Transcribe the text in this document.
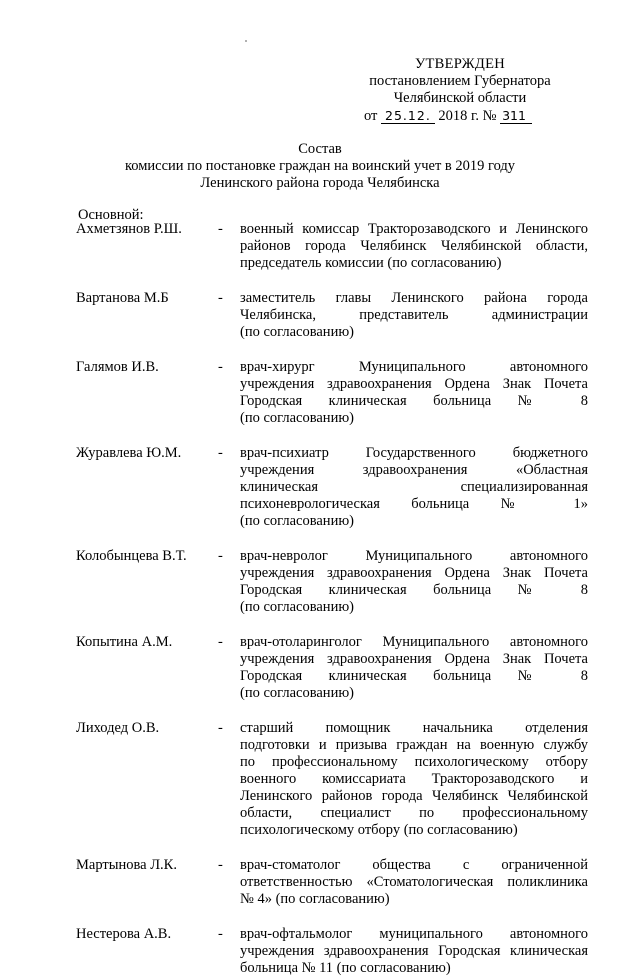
УТВЕРЖДЕН
постановлением Губернатора
Челябинской области
от 25.12. 2018 г. № 311
Состав
комиссии по постановке граждан на воинский учет в 2019 году
Ленинского района города Челябинска
Основной:
Ахметзянов Р.Ш. - военный комиссар Тракторозаводского и Ленинского
районов города Челябинск Челябинской области,
председатель комиссии (по согласованию)
Вартанова М.Б	- заместитель главы Ленинского района города
Челябинска, представитель администрации
(по согласованию)
Галямов И.В.	- врач-хирург Муниципального автономного
учреждения здравоохранения Ордена Знак Почета
Городская клиническая больница № 8
(по согласованию)
Журавлева Ю.М.	- врач-психиатр Государственного бюджетного
учреждения здравоохранения «Областная
клиническая специализированная
психоневрологическая больница № 1»
(по согласованию)
Колобынцева В.Т. - врач-невролог Муниципального автономного
учреждения здравоохранения Ордена Знак Почета
Городская клиническая больница № 8
(по согласованию)
Копытина А.М.	- врач-отоларинголог Муниципального автономного
учреждения здравоохранения Ордена Знак Почета
Городская клиническая больница № 8
(по согласованию)
Лиходед О.В.	- старший помощник начальника отделения
подготовки и призыва граждан на военную службу
по профессиональному психологическому отбору
военного комиссариата Тракторозаводского и
Ленинского районов города Челябинск Челябинской
области, специалист по профессиональному
психологическому отбору (по согласованию)
Мартынова Л.К.	- врач-стоматолог общества с ограниченной
ответственностью «Стоматологическая поликлиника
№ 4» (по согласованию)
Нестерова А.В.	- врач-офтальмолог муниципального автономного
учреждения здравоохранения Городская клиническая
больница № 11 (по согласованию)
